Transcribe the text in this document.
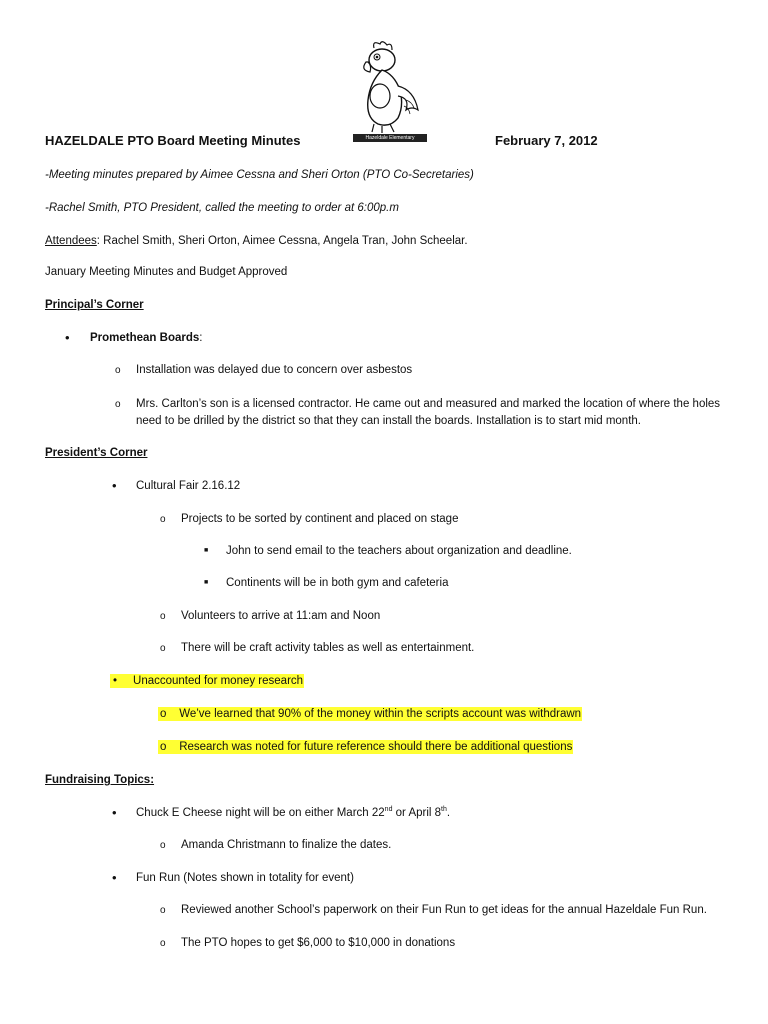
Hazeldale Elementary
HAZELDALE PTO Board Meeting Minutes	February 7, 2012
-Meeting minutes prepared by Aimee Cessna and Sheri Orton (PTO Co-Secretaries)
-Rachel Smith, PTO President, called the meeting to order at 6:00p.m
Attendees: Rachel Smith, Sheri Orton, Aimee Cessna, Angela Tran, John Scheelar.
January Meeting Minutes and Budget Approved
Principal’s Corner
• Promethean Boards:
o Installation was delayed due to concern over asbestos
o Mrs. Carlton’s son is a licensed contractor. He came out and measured and marked the location of where the holes
need to be drilled by the district so that they can install the boards. Installation is to start mid month.
President’s Corner
• Cultural Fair 2.16.12
o Projects to be sorted by continent and placed on stage
■ John to send email to the teachers about organization and deadline.
■ Continents will be in both gym and cafeteria
o Volunteers to arrive at 11:am and Noon
o There will be craft activity tables as well as entertainment.
•     Unaccounted for money research
o    We’ve learned that 90% of the money within the scripts account was withdrawn
o    Research was noted for future reference should there be additional questions
Fundraising Topics:
• Chuck E Cheese night will be on either March 22nd or April 8th.
o Amanda Christmann to finalize the dates.
• Fun Run (Notes shown in totality for event)
o Reviewed another School’s paperwork on their Fun Run to get ideas for the annual Hazeldale Fun Run.
o The PTO hopes to get $6,000 to $10,000 in donations
